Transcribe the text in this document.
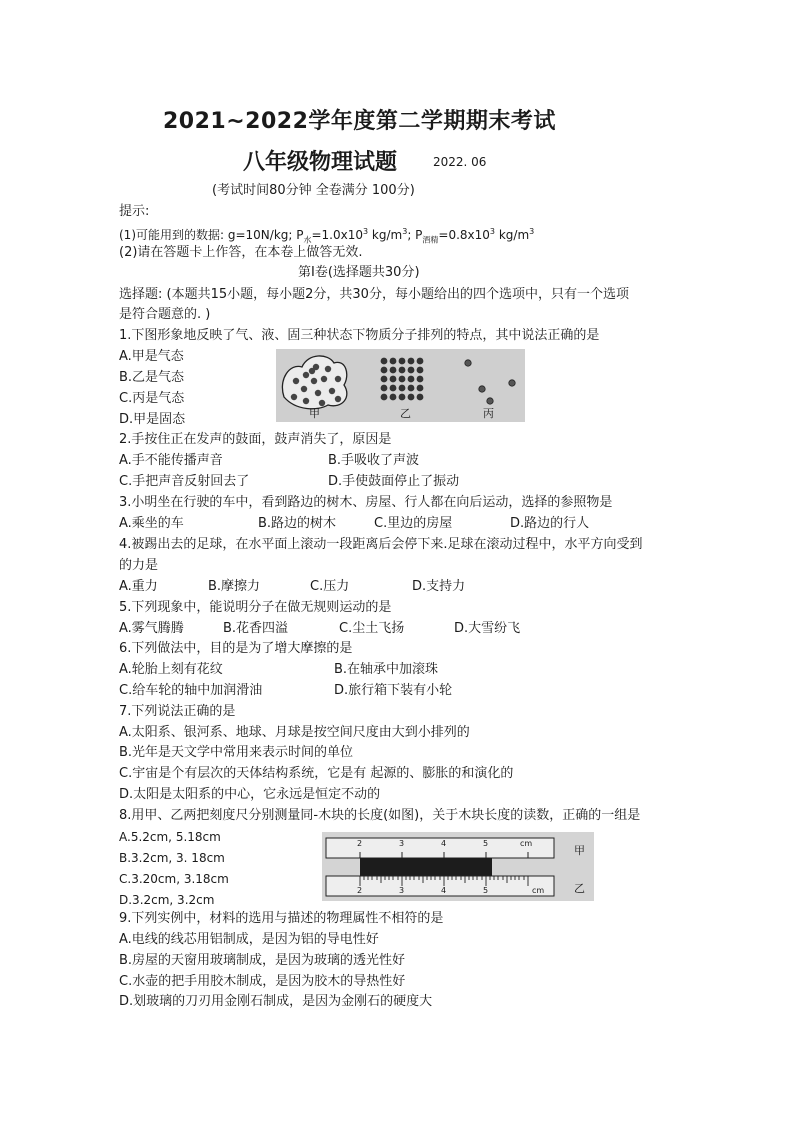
2021~2022学年度第二学期期末考试
八年级物理试题	2022. 06
(考试时间80分钟 全卷满分 100分)
提示:
(1)可能用到的数据: g=10N/kg; $P_水=1.0x10^3$ $kg/m^3$; $P_{酒精}=0.8x10^3$ $kg/m^3$
(2)请在答题卡上作答，在本卷上做答无效.
第Ⅰ卷(选择题共30分)
选择题: (本题共15小题，每小题2分，共30分，每小题给出的四个选项中，只有一个选项
是符合题意的. )
1.下图形象地反映了气、液、固三种状态下物质分子排列的特点，其中说法正确的是
A.甲是气态
B.乙是气态
C.丙是气态
D.甲是固态	甲	乙	丙
2.手按住正在发声的鼓面，鼓声消失了，原因是
A.手不能传播声音	B.手吸收了声波
C.手把声音反射回去了	D.手使鼓面停止了振动
3.小明坐在行驶的车中，看到路边的树木、房屋、行人都在向后运动，选择的参照物是
A.乘坐的车	B.路边的树木	C.里边的房屋	D.路边的行人
4.被踢出去的足球，在水平面上滚动一段距离后会停下来.足球在滚动过程中，水平方向受到
的力是
A.重力	B.摩擦力	C.压力	D.支持力
5.下列现象中，能说明分子在做无规则运动的是
A.雾气腾腾	B.花香四溢	C.尘土飞扬	D.大雪纷飞
6.下列做法中，目的是为了增大摩擦的是
A.轮胎上刻有花纹	B.在轴承中加滚珠
C.给车轮的轴中加润滑油	D.旅行箱下装有小轮
7.下列说法正确的是
A.太阳系、银河系、地球、月球是按空间尺度由大到小排列的
B.光年是天文学中常用来表示时间的单位
C.宇宙是个有层次的天体结构系统，它是有 起源的、膨胀的和演化的
D.太阳是太阳系的中心，它永远是恒定不动的
8.用甲、乙两把刻度尺分别测量同-木块的长度(如图)，关于木块长度的读数，正确的一组是
A.5.2cm, 5.18cm
B.3.2cm, 3. 18cm
C.3.20cm, 3.18cm
D.3.2cm, 3.2cm
2	3	4	5	cm
2	3	4	5	cm
甲
乙
9.下列实例中，材料的选用与描述的物理属性不相符的是
A.电线的线芯用铝制成，是因为铝的导电性好
B.房屋的天窗用玻璃制成，是因为玻璃的透光性好
C.水壶的把手用胶木制成，是因为胶木的导热性好
D.划玻璃的刀刃用金刚石制成，是因为金刚石的硬度大
